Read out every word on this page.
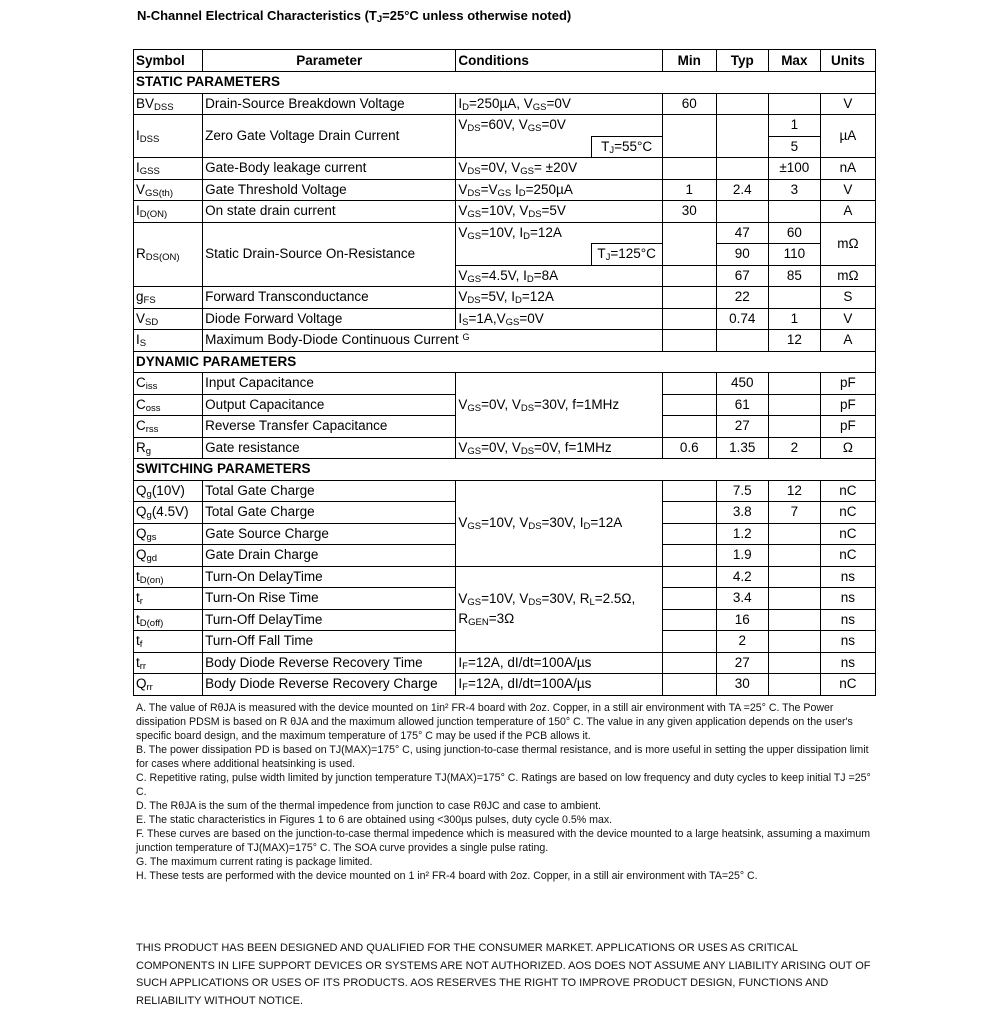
N-Channel Electrical Characteristics ($T_J=25^\circ C$ unless otherwise noted)
Symbol	Parameter	Conditions		Min	Typ	Max	Units
STATIC PARAMETERS							
$BV_{DSS}$	Drain-Source Breakdown Voltage	$I_D=250\mu A$, $V_{GS}=0V$		60			V
$I_{DSS}$	Zero Gate Voltage Drain Current	$V_{DS}=60V$, $V_{GS}=0V$				1	µA
			$T_J=55^\circ C$			5	
$I_{GSS}$	Gate-Body leakage current	$V_{DS}=0V$, $V_{GS}= \pm 20V$				±100	nA
$V_{GS(th)}$	Gate Threshold Voltage	$V_{DS}=V_{GS}$ $I_D=250\mu A$		1	2.4	3	V
$I_{D(ON)}$	On state drain current	$V_{GS}=10V$, $V_{DS}=5V$		30			A
$R_{DS(ON)}$	Static Drain-Source On-Resistance	$V_{GS}=10V$, $I_D=12A$			47	60	mΩ
			$T_J=125^\circ C$		90	110	
		$V_{GS}=4.5V$, $I_D=8A$			67	85	mΩ
$g_{FS}$	Forward Transconductance	$V_{DS}=5V$, $I_D=12A$			22		S
$V_{SD}$	Diode Forward Voltage	$I_S=1A,V_{GS}=0V$			0.74	1	V
$I_S$	Maximum Body-Diode Continuous Current $^G$					12	A
DYNAMIC PARAMETERS							
$C_{iss}$	Input Capacitance	$V_{GS}=0V$, $V_{DS}=30V$, f=1MHz			450		pF
$C_{oss}$	Output Capacitance				61		pF
$C_{rss}$	Reverse Transfer Capacitance				27		pF
$R_g$	Gate resistance	$V_{GS}=0V$, $V_{DS}=0V$, f=1MHz		0.6	1.35	2	Ω
SWITCHING PARAMETERS							
$Q_g(10V)$	Total Gate Charge	$V_{GS}=10V$, $V_{DS}=30V$, $I_D=12A$			7.5	12	nC
$Q_g(4.5V)$	Total Gate Charge				3.8	7	nC
$Q_{gs}$	Gate Source Charge				1.2		nC
$Q_{gd}$	Gate Drain Charge				1.9		nC
$t_{D(on)}$	Turn-On DelayTime	$V_{GS}=10V$, $V_{DS}=30V$, $R_L=2.5\Omega$,
$R_{GEN}=3\Omega$			4.2		ns
$t_r$	Turn-On Rise Time				3.4		ns
$t_{D(off)}$	Turn-Off DelayTime				16		ns
$t_f$	Turn-Off Fall Time				2		ns
$t_{rr}$	Body Diode Reverse Recovery Time	$I_F=12A$, dI/dt=100A/µs			27		ns
$Q_{rr}$	Body Diode Reverse Recovery Charge	$I_F=12A$, dI/dt=100A/µs			30		nC

A. The value of RθJA is measured with the device mounted on 1in² FR-4 board with 2oz. Copper, in a still air environment with TA =25° C. The Power dissipation PDSM is based on R θJA and the maximum allowed junction temperature of 150° C. The value in any given application depends on the user's specific board design, and the maximum temperature of 175° C may be used if the PCB allows it.

B. The power dissipation PD is based on TJ(MAX)=175° C, using junction-to-case thermal resistance, and is more useful in setting the upper dissipation limit for cases where additional heatsinking is used.

C. Repetitive rating, pulse width limited by junction temperature TJ(MAX)=175° C. Ratings are based on low frequency and duty cycles to keep initial TJ =25° C.

D. The RθJA is the sum of the thermal impedence from junction to case RθJC and case to ambient.

E. The static characteristics in Figures 1 to 6 are obtained using <300µs pulses, duty cycle 0.5% max.

F. These curves are based on the junction-to-case thermal impedence which is measured with the device mounted to a large heatsink, assuming a maximum junction temperature of TJ(MAX)=175° C. The SOA curve provides a single pulse rating.

G. The maximum current rating is package limited.

H. These tests are performed with the device mounted on 1 in² FR-4 board with 2oz. Copper, in a still air environment with TA=25° C.

THIS PRODUCT HAS BEEN DESIGNED AND QUALIFIED FOR THE CONSUMER MARKET. APPLICATIONS OR USES AS CRITICAL COMPONENTS IN LIFE SUPPORT DEVICES OR SYSTEMS ARE NOT AUTHORIZED. AOS DOES NOT ASSUME ANY LIABILITY ARISING OUT OF SUCH APPLICATIONS OR USES OF ITS PRODUCTS. AOS RESERVES THE RIGHT TO IMPROVE PRODUCT DESIGN, FUNCTIONS AND RELIABILITY WITHOUT NOTICE.
